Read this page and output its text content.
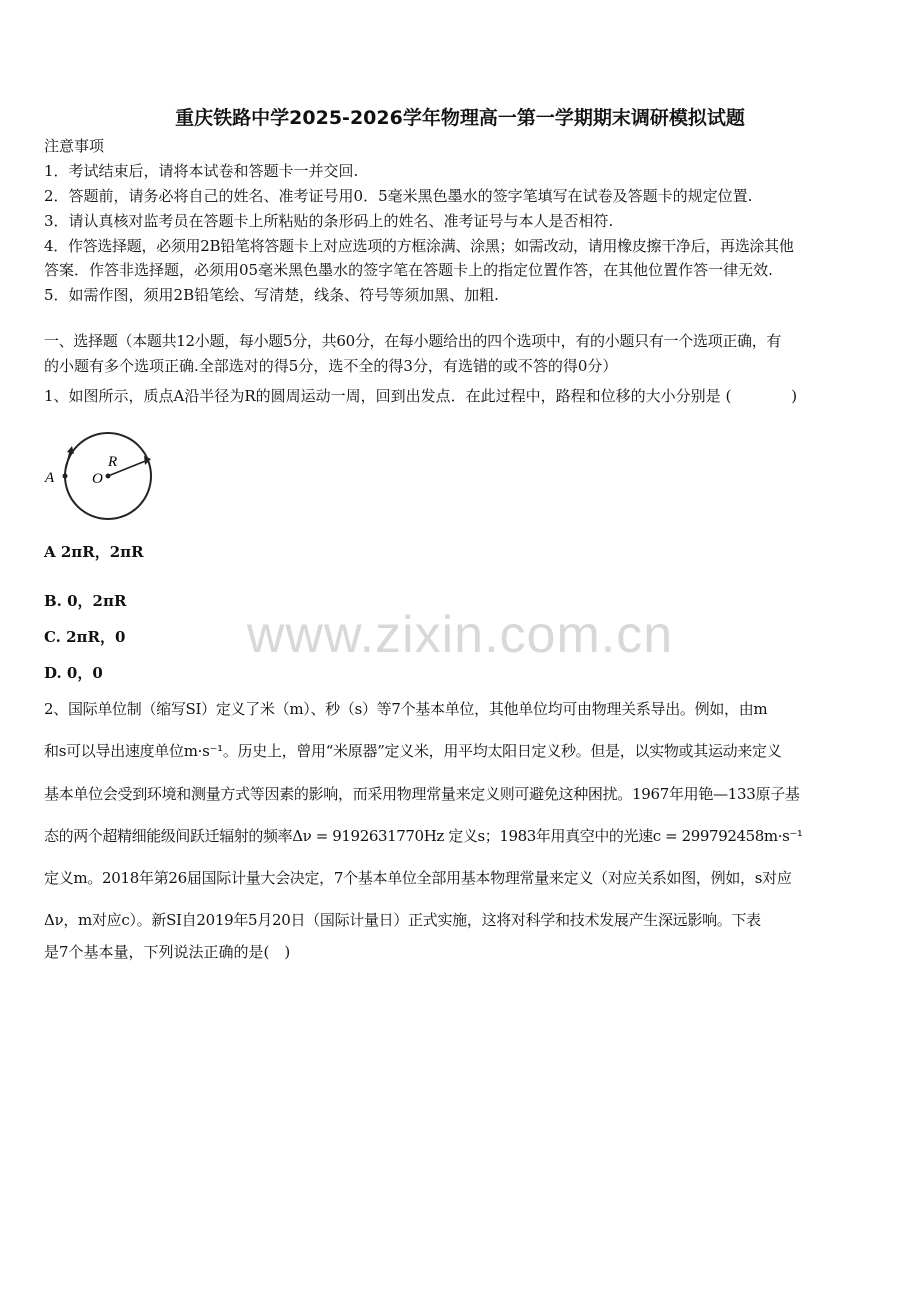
重庆铁路中学2025-2026学年物理高一第一学期期末调研模拟试题
注意事项
1．考试结束后，请将本试卷和答题卡一并交回.
2．答题前，请务必将自己的姓名、准考证号用0．5毫米黑色墨水的签字笔填写在试卷及答题卡的规定位置.
3．请认真核对监考员在答题卡上所粘贴的条形码上的姓名、准考证号与本人是否相符.
4．作答选择题，必须用2B铅笔将答题卡上对应选项的方框涂满、涂黑；如需改动，请用橡皮擦干净后，再选涂其他
答案．作答非选择题，必须用05毫米黑色墨水的签字笔在答题卡上的指定位置作答，在其他位置作答一律无效.
5．如需作图，须用2B铅笔绘、写清楚，线条、符号等须加黑、加粗.
一、选择题（本题共12小题，每小题5分，共60分，在每小题给出的四个选项中，有的小题只有一个选项正确，有
的小题有多个选项正确.全部选对的得5分，选不全的得3分，有选错的或不答的得0分）
1、如图所示，质点A沿半径为R的圆周运动一周，回到出发点．在此过程中，路程和位移的大小分别是 (　　　　)
A	O
R
A 2πR，2πR
B. 0，2πR
C. 2πR，0
D. 0，0
www.zixin.com.cn
2、国际单位制（缩写SI）定义了米（m）、秒（s）等7个基本单位，其他单位均可由物理关系导出。例如，由m
和s可以导出速度单位m·s⁻¹。历史上，曾用“米原器”定义米，用平均太阳日定义秒。但是，以实物或其运动来定义
基本单位会受到环境和测量方式等因素的影响，而采用物理常量来定义则可避免这种困扰。1967年用铯—133原子基
态的两个超精细能级间跃迁辐射的频率Δν = 9192631770Hz 定义s；1983年用真空中的光速c = 299792458m·s⁻¹
定义m。2018年第26届国际计量大会决定，7个基本单位全部用基本物理常量来定义（对应关系如图，例如，s对应
Δν，m对应c）。新SI自2019年5月20日（国际计量日）正式实施，这将对科学和技术发展产生深远影响。下表
是7个基本量，下列说法正确的是(　)
